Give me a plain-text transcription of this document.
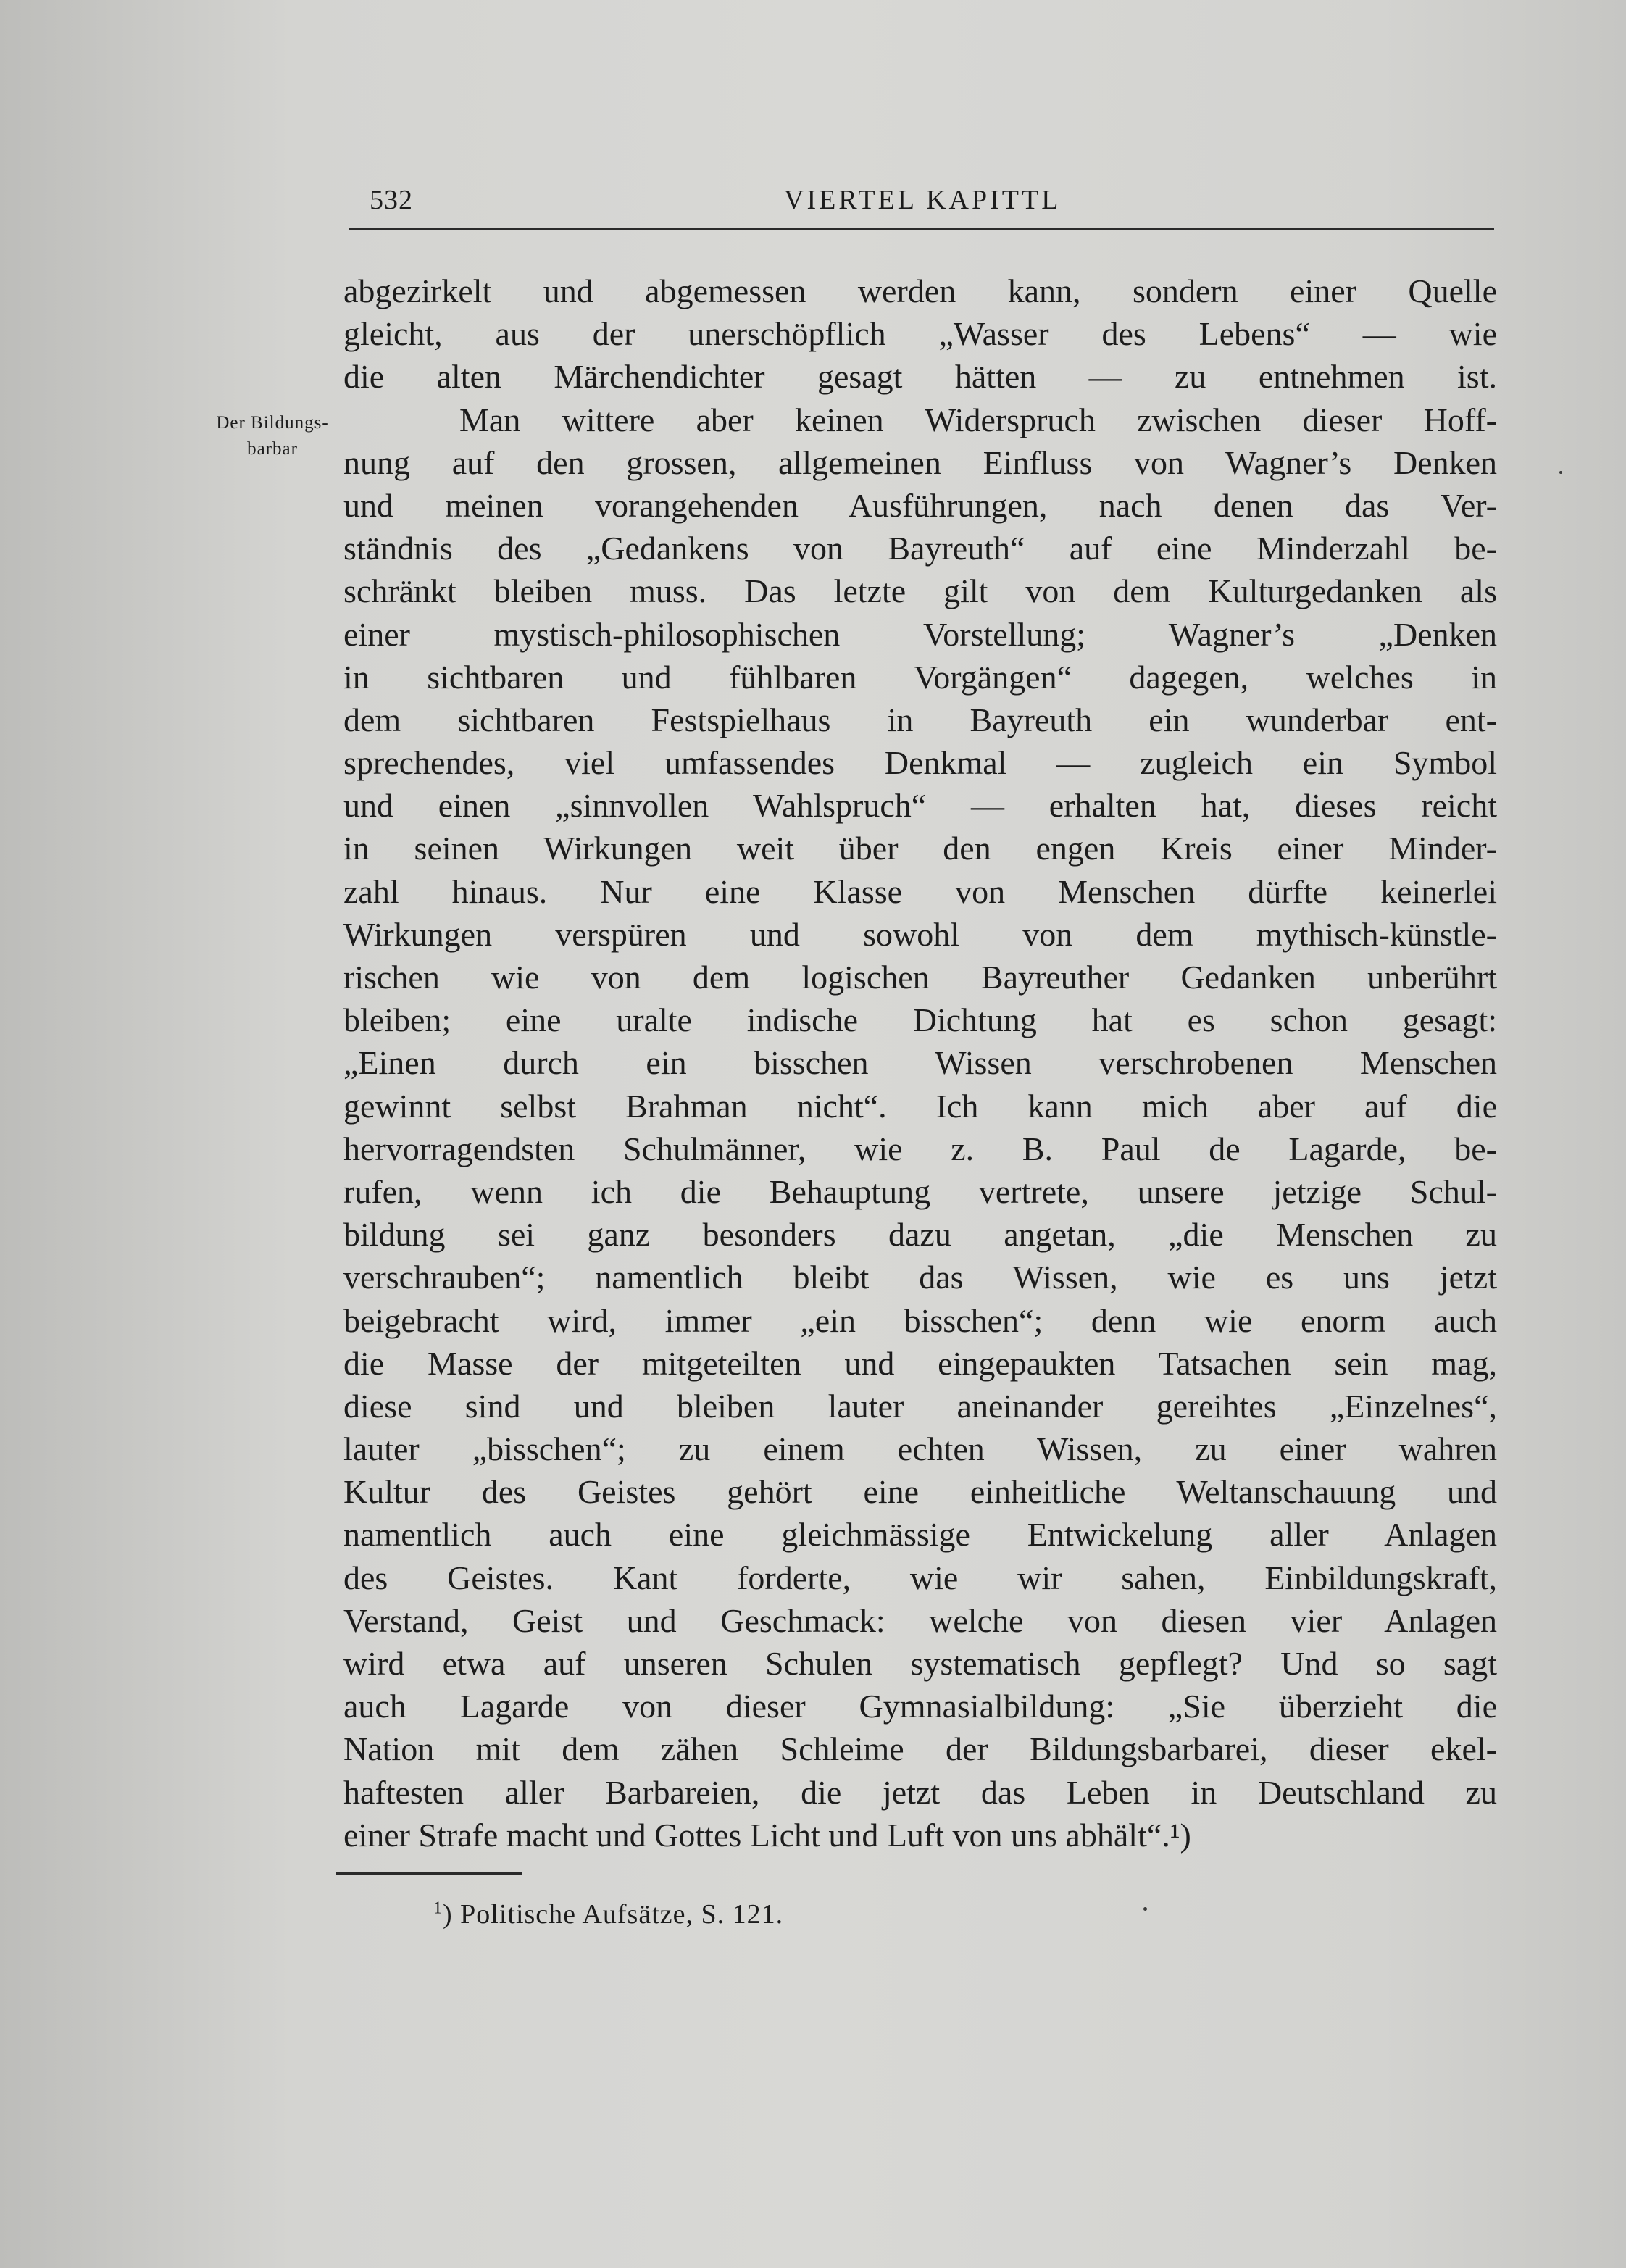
532	VIERTEL KAPITTL
Der Bildungs-
barbar
abgezirkelt und abgemessen werden kann, sondern einer Quelle
gleicht, aus der unerschöpflich „Wasser des Lebens“ — wie
die alten Märchendichter gesagt hätten — zu entnehmen ist.
Man wittere aber keinen Widerspruch zwischen dieser Hoff-
nung auf den grossen, allgemeinen Einfluss von Wagner’s Denken
und meinen vorangehenden Ausführungen, nach denen das Ver-
ständnis des „Gedankens von Bayreuth“ auf eine Minderzahl be-
schränkt bleiben muss. Das letzte gilt von dem Kulturgedanken als
einer mystisch-philosophischen Vorstellung; Wagner’s „Denken
in sichtbaren und fühlbaren Vorgängen“ dagegen, welches in
dem sichtbaren Festspielhaus in Bayreuth ein wunderbar ent-
sprechendes, viel umfassendes Denkmal — zugleich ein Symbol
und einen „sinnvollen Wahlspruch“ — erhalten hat, dieses reicht
in seinen Wirkungen weit über den engen Kreis einer Minder-
zahl hinaus. Nur eine Klasse von Menschen dürfte keinerlei
Wirkungen verspüren und sowohl von dem mythisch-künstle-
rischen wie von dem logischen Bayreuther Gedanken unberührt
bleiben; eine uralte indische Dichtung hat es schon gesagt:
„Einen durch ein bisschen Wissen verschrobenen Menschen
gewinnt selbst Brahman nicht“. Ich kann mich aber auf die
hervorragendsten Schulmänner, wie z. B. Paul de Lagarde, be-
rufen, wenn ich die Behauptung vertrete, unsere jetzige Schul-
bildung sei ganz besonders dazu angetan, „die Menschen zu
verschrauben“; namentlich bleibt das Wissen, wie es uns jetzt
beigebracht wird, immer „ein bisschen“; denn wie enorm auch
die Masse der mitgeteilten und eingepaukten Tatsachen sein mag,
diese sind und bleiben lauter aneinander gereihtes „Einzelnes“,
lauter „bisschen“; zu einem echten Wissen, zu einer wahren
Kultur des Geistes gehört eine einheitliche Weltanschauung und
namentlich auch eine gleichmässige Entwickelung aller Anlagen
des Geistes. Kant forderte, wie wir sahen, Einbildungskraft,
Verstand, Geist und Geschmack: welche von diesen vier Anlagen
wird etwa auf unseren Schulen systematisch gepflegt? Und so sagt
auch Lagarde von dieser Gymnasialbildung: „Sie überzieht die
Nation mit dem zähen Schleime der Bildungsbarbarei, dieser ekel-
haftesten aller Barbareien, die jetzt das Leben in Deutschland zu
einer Strafe macht und Gottes Licht und Luft von uns abhält“.¹)
$^1$) Politische Aufsätze, S. 121.
